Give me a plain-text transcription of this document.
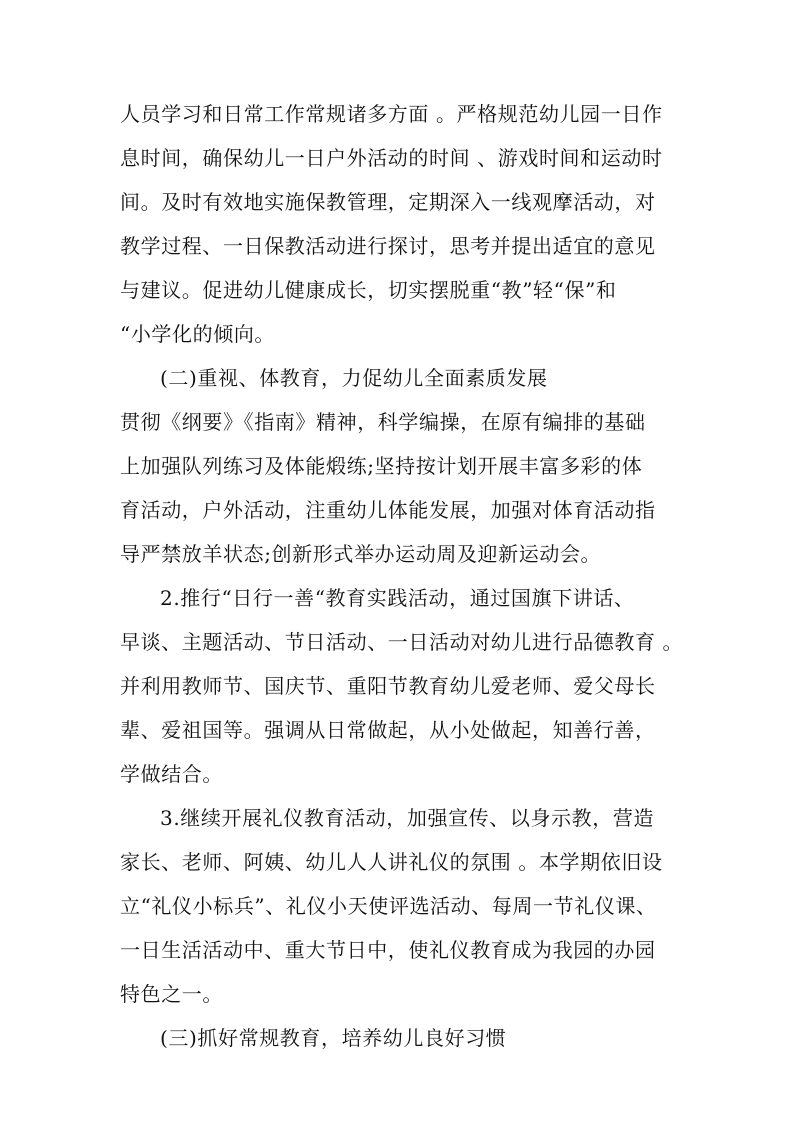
人员学习和日常工作常规诸多方面 。严格规范幼儿园一日作
息时间，确保幼儿一日户外活动的时间 、游戏时间和运动时
间。及时有效地实施保教管理，定期深入一线观摩活动，对
教学过程、一日保教活动进行探讨，思考并提出适宜的意见
与建议。促进幼儿健康成长，切实摆脱重“教”轻“保”和
“小学化的倾向。
(二)重视、体教育，力促幼儿全面素质发展
贯彻《纲要》《指南》精神，科学编操，在原有编排的基础
上加强队列练习及体能煅练;坚持按计划开展丰富多彩的体
育活动，户外活动，注重幼儿体能发展，加强对体育活动指
导严禁放羊状态;创新形式举办运动周及迎新运动会。
2.推行“日行一善“教育实践活动，通过国旗下讲话、
早谈、主题活动、节日活动、一日活动对幼儿进行品德教育 。
并利用教师节、国庆节、重阳节教育幼儿爱老师、爱父母长
辈、爱祖国等。强调从日常做起，从小处做起，知善行善，
学做结合。
3.继续开展礼仪教育活动，加强宣传、以身示教，营造
家长、老师、阿姨、幼儿人人讲礼仪的氛围 。本学期依旧设
立“礼仪小标兵”、礼仪小天使评选活动、每周一节礼仪课、
一日生活活动中、重大节日中，使礼仪教育成为我园的办园
特色之一。
(三)抓好常规教育，培养幼儿良好习惯
